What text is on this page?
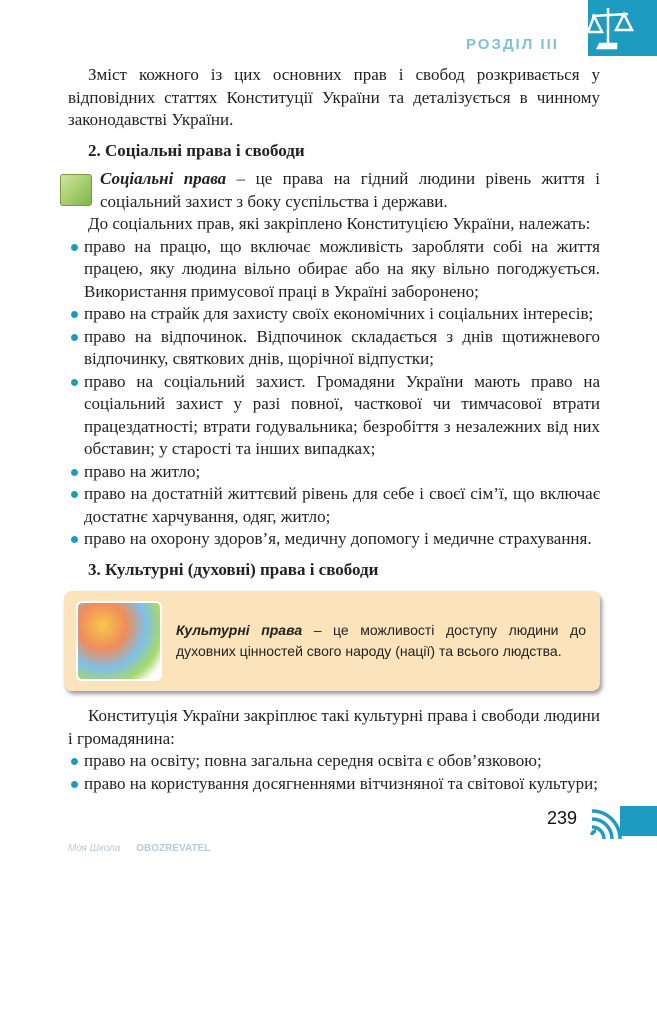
РОЗДІЛ III

Зміст кожного із цих основних прав і свобод розкривається у відповідних статтях Конституції України та деталізується в чинному законодавстві України.

2. Соціальні права і свободи

Соціальні права – це права на гідний людини рівень життя і соціальний захист з боку суспільства і держави.

До соціальних прав, які закріплено Конституцією України, належать:

право на працю, що включає можливість заробляти собі на життя працею, яку людина вільно обирає або на яку вільно погоджується. Використання примусової праці в Україні заборонено;
право на страйк для захисту своїх економічних і соціальних інтересів;
право на відпочинок. Відпочинок складається з днів щотижневого відпочинку, святкових днів, щорічної відпустки;
право на соціальний захист. Громадяни України мають право на соціальний захист у разі повної, часткової чи тимчасової втрати працездатності; втрати годувальника; безробіття з незалежних від них обставин; у старості та інших випадках;
право на житло;
право на достатній життєвий рівень для себе і своєї сім’ї, що включає достатнє харчування, одяг, житло;
право на охорону здоров’я, медичну допомогу і медичне страхування.
3. Культурні (духовні) права і свободи
Культурні права – це можливості доступу людини до духовних цінностей свого народу (нації) та всього людства.

Конституція України закріплює такі культурні права і свободи людини і громадянина:

право на освіту; повна загальна середня освіта є обов’язковою;
право на користування досягненнями вітчизняної та світової культури;
239
Моя Школа OBOZREVATEL
